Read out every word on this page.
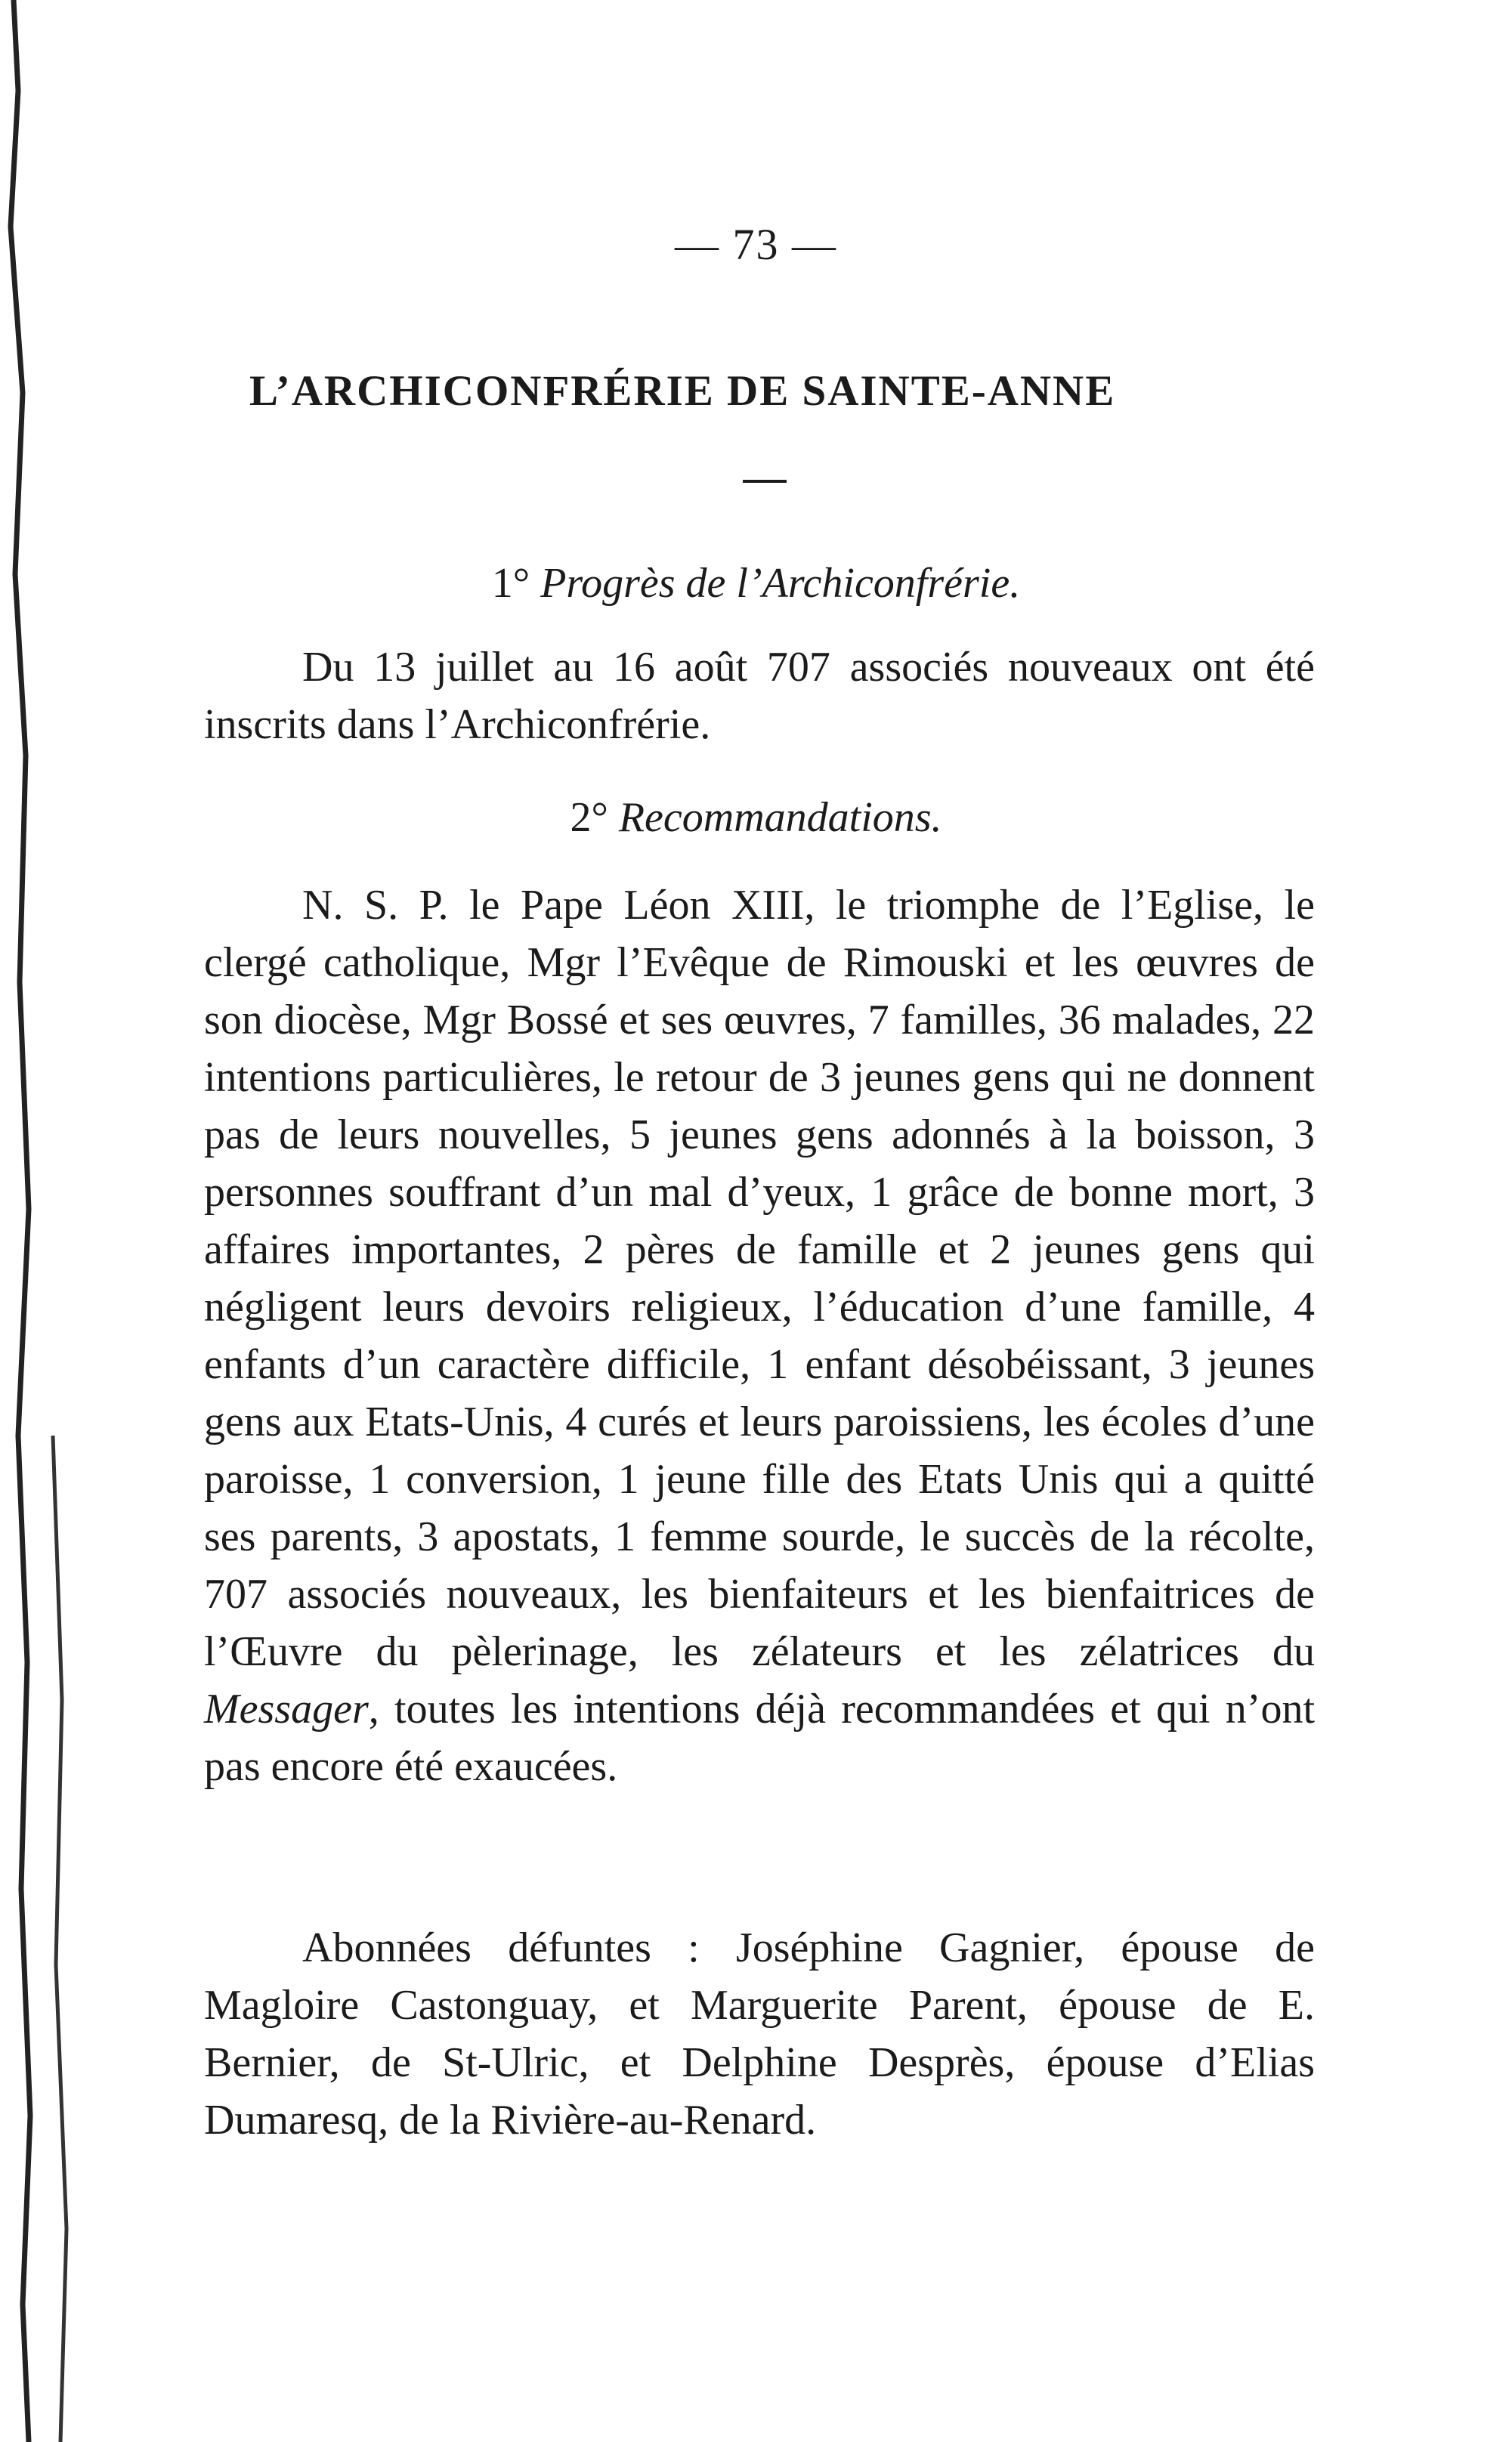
— 73 —
L’ARCHICONFRÉRIE DE SAINTE-ANNE
1° Progrès de l’Archiconfrérie.
Du 13 juillet au 16 août 707 associés nouveaux ont été inscrits dans l’Archiconfrérie.
2° Recommandations.
N. S. P. le Pape Léon XIII, le triomphe de l’Eglise, le clergé catholique, Mgr l’Evêque de Rimouski et les œuvres de son diocèse, Mgr Bossé et ses œuvres, 7 familles, 36 malades, 22 intentions particulières, le retour de 3 jeunes gens qui ne donnent pas de leurs nouvelles, 5 jeunes gens adonnés à la boisson, 3 personnes souffrant d’un mal d’yeux, 1 grâce de bonne mort, 3 affaires importantes, 2 pères de famille et 2 jeunes gens qui négligent leurs devoirs religieux, l’éducation d’une famille, 4 enfants d’un caractère difficile, 1 enfant désobéissant, 3 jeunes gens aux Etats-Unis, 4 curés et leurs paroissiens, les écoles d’une paroisse, 1 conversion, 1 jeune fille des Etats Unis qui a quitté ses parents, 3 apostats, 1 femme sourde, le succès de la récolte, 707 associés nouveaux, les bienfaiteurs et les bienfaitrices de l’Œuvre du pèlerinage, les zélateurs et les zélatrices du Messager, toutes les intentions déjà recommandées et qui n’ont pas encore été exaucées.
Abonnées défuntes : Joséphine Gagnier, épouse de Magloire Castonguay, et Marguerite Parent, épouse de E. Bernier, de St-Ulric, et Delphine Desprès, épouse d’Elias Dumaresq, de la Rivière-au-Renard.
